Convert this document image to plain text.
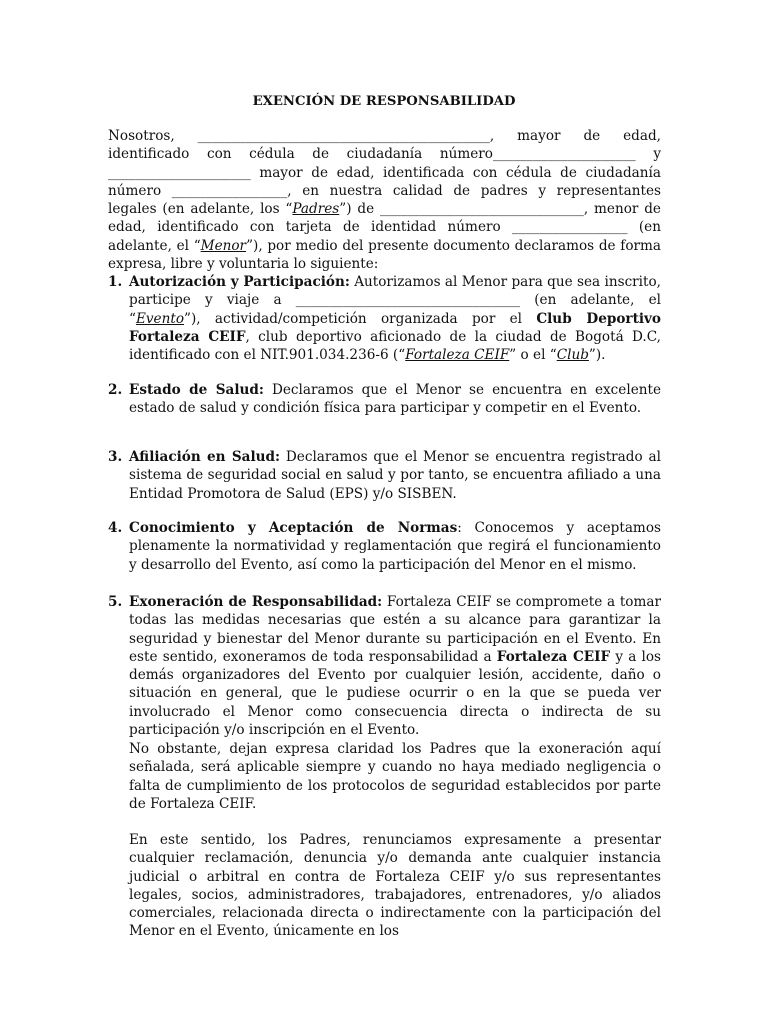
EXENCIÓN DE RESPONSABILIDAD

Nosotros, ___________________________________________, mayor de edad, identificado con cédula de ciudadanía número_____________________ y _____________________ mayor de edad, identificada con cédula de ciudadanía número _________________, en nuestra calidad de padres y representantes legales (en adelante, los “Padres”) de ______________________________, menor de edad, identificado con tarjeta de identidad número _________________ (en adelante, el “Menor”), por medio del presente documento declaramos de forma expresa, libre y voluntaria lo siguiente:

1. Autorización y Participación: Autorizamos al Menor para que sea inscrito, participe y viaje a _________________________________ (en adelante, el “Evento”), actividad/competición organizada por el Club Deportivo Fortaleza CEIF, club deportivo aficionado de la ciudad de Bogotá D.C, identificado con el NIT.901.034.236-6 (“Fortaleza CEIF” o el “Club”).
2. Estado de Salud: Declaramos que el Menor se encuentra en excelente estado de salud y condición física para participar y competir en el Evento.
3. Afiliación en Salud: Declaramos que el Menor se encuentra registrado al sistema de seguridad social en salud y por tanto, se encuentra afiliado a una Entidad Promotora de Salud (EPS) y/o SISBEN.
4. Conocimiento y Aceptación de Normas: Conocemos y aceptamos plenamente la normatividad y reglamentación que regirá el funcionamiento y desarrollo del Evento, así como la participación del Menor en el mismo.
5. Exoneración de Responsabilidad: Fortaleza CEIF se compromete a tomar todas las medidas necesarias que estén a su alcance para garantizar la seguridad y bienestar del Menor durante su participación en el Evento. En este sentido, exoneramos de toda responsabilidad a Fortaleza CEIF y a los demás organizadores del Evento por cualquier lesión, accidente, daño o situación en general, que le pudiese ocurrir o en la que se pueda ver involucrado el Menor como consecuencia directa o indirecta de su participación y/o inscripción en el Evento.

No obstante, dejan expresa claridad los Padres que la exoneración aquí señalada, será aplicable siempre y cuando no haya mediado negligencia o falta de cumplimiento de los protocolos de seguridad establecidos por parte de Fortaleza CEIF.

En este sentido, los Padres, renunciamos expresamente a presentar cualquier reclamación, denuncia y/o demanda ante cualquier instancia judicial o arbitral en contra de Fortaleza CEIF y/o sus representantes legales, socios, administradores, trabajadores, entrenadores, y/o aliados comerciales, relacionada directa o indirectamente con la participación del Menor en el Evento, únicamente en los
